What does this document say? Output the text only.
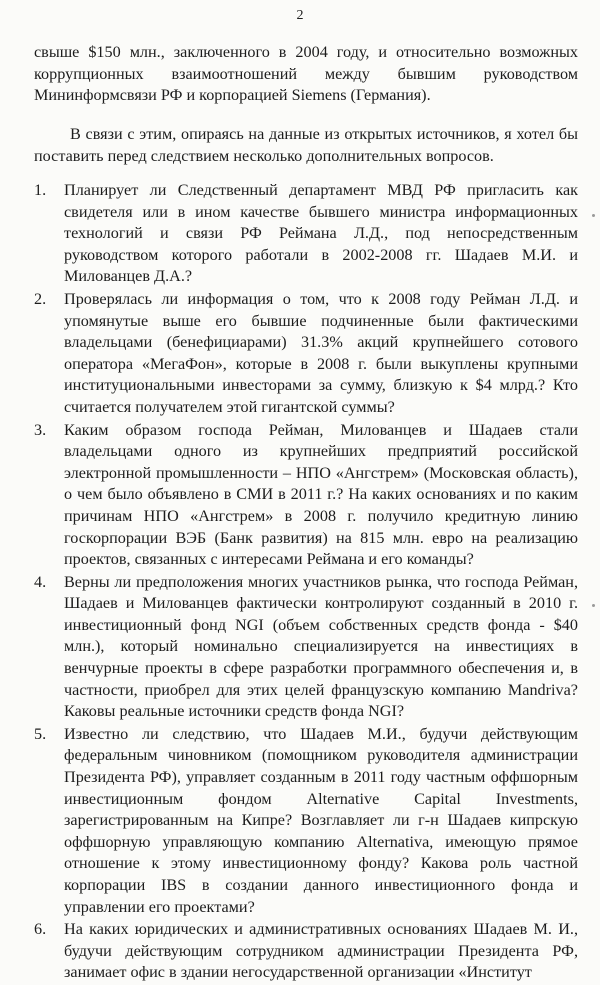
2

свыше $150 млн., заключенного в 2004 году, и относительно возможных коррупционных взаимоотношений между бывшим руководством Мининформсвязи РФ и корпорацией Siemens (Германия).

В связи с этим, опираясь на данные из открытых источников, я хотел бы поставить перед следствием несколько дополнительных вопросов.

1.	Планирует ли Следственный департамент МВД РФ пригласить как свидетеля или в ином качестве бывшего министра информационных технологий и связи РФ Реймана Л.Д., под непосредственным руководством которого работали в 2002-2008 гг. Шадаев М.И. и Милованцев Д.А.?
2.	Проверялась ли информация о том, что к 2008 году Рейман Л.Д. и упомянутые выше его бывшие подчиненные были фактическими владельцами (бенефициарами) 31.3% акций крупнейшего сотового оператора «МегаФон», которые в 2008 г. были выкуплены крупными институциональными инвесторами за сумму, близкую к $4 млрд.? Кто считается получателем этой гигантской суммы?
3.	Каким образом господа Рейман, Милованцев и Шадаев стали владельцами одного из крупнейших предприятий российской электронной промышленности – НПО «Ангстрем» (Московская область), о чем было объявлено в СМИ в 2011 г.? На каких основаниях и по каким причинам НПО «Ангстрем» в 2008 г. получило кредитную линию госкорпорации ВЭБ (Банк развития) на 815 млн. евро на реализацию проектов, связанных с интересами Реймана и его команды?
4.	Верны ли предположения многих участников рынка, что господа Рейман, Шадаев и Милованцев фактически контролируют созданный в 2010 г. инвестиционный фонд NGI (объем собственных средств фонда - $40 млн.), который номинально специализируется на инвестициях в венчурные проекты в сфере разработки программного обеспечения и, в частности, приобрел для этих целей французскую компанию Mandriva? Каковы реальные источники средств фонда NGI?
5.	Известно ли следствию, что Шадаев М.И., будучи действующим федеральным чиновником (помощником руководителя администрации Президента РФ), управляет созданным в 2011 году частным оффшорным инвестиционным фондом Alternative Capital Investments, зарегистрированным на Кипре? Возглавляет ли г-н Шадаев кипрскую оффшорную управляющую компанию Alternativa, имеющую прямое отношение к этому инвестиционному фонду? Какова роль частной корпорации IBS в создании данного инвестиционного фонда и управлении его проектами?
6.	На каких юридических и административных основаниях Шадаев М. И., будучи действующим сотрудником администрации Президента РФ, занимает офис в здании негосударственной организации «Институт
